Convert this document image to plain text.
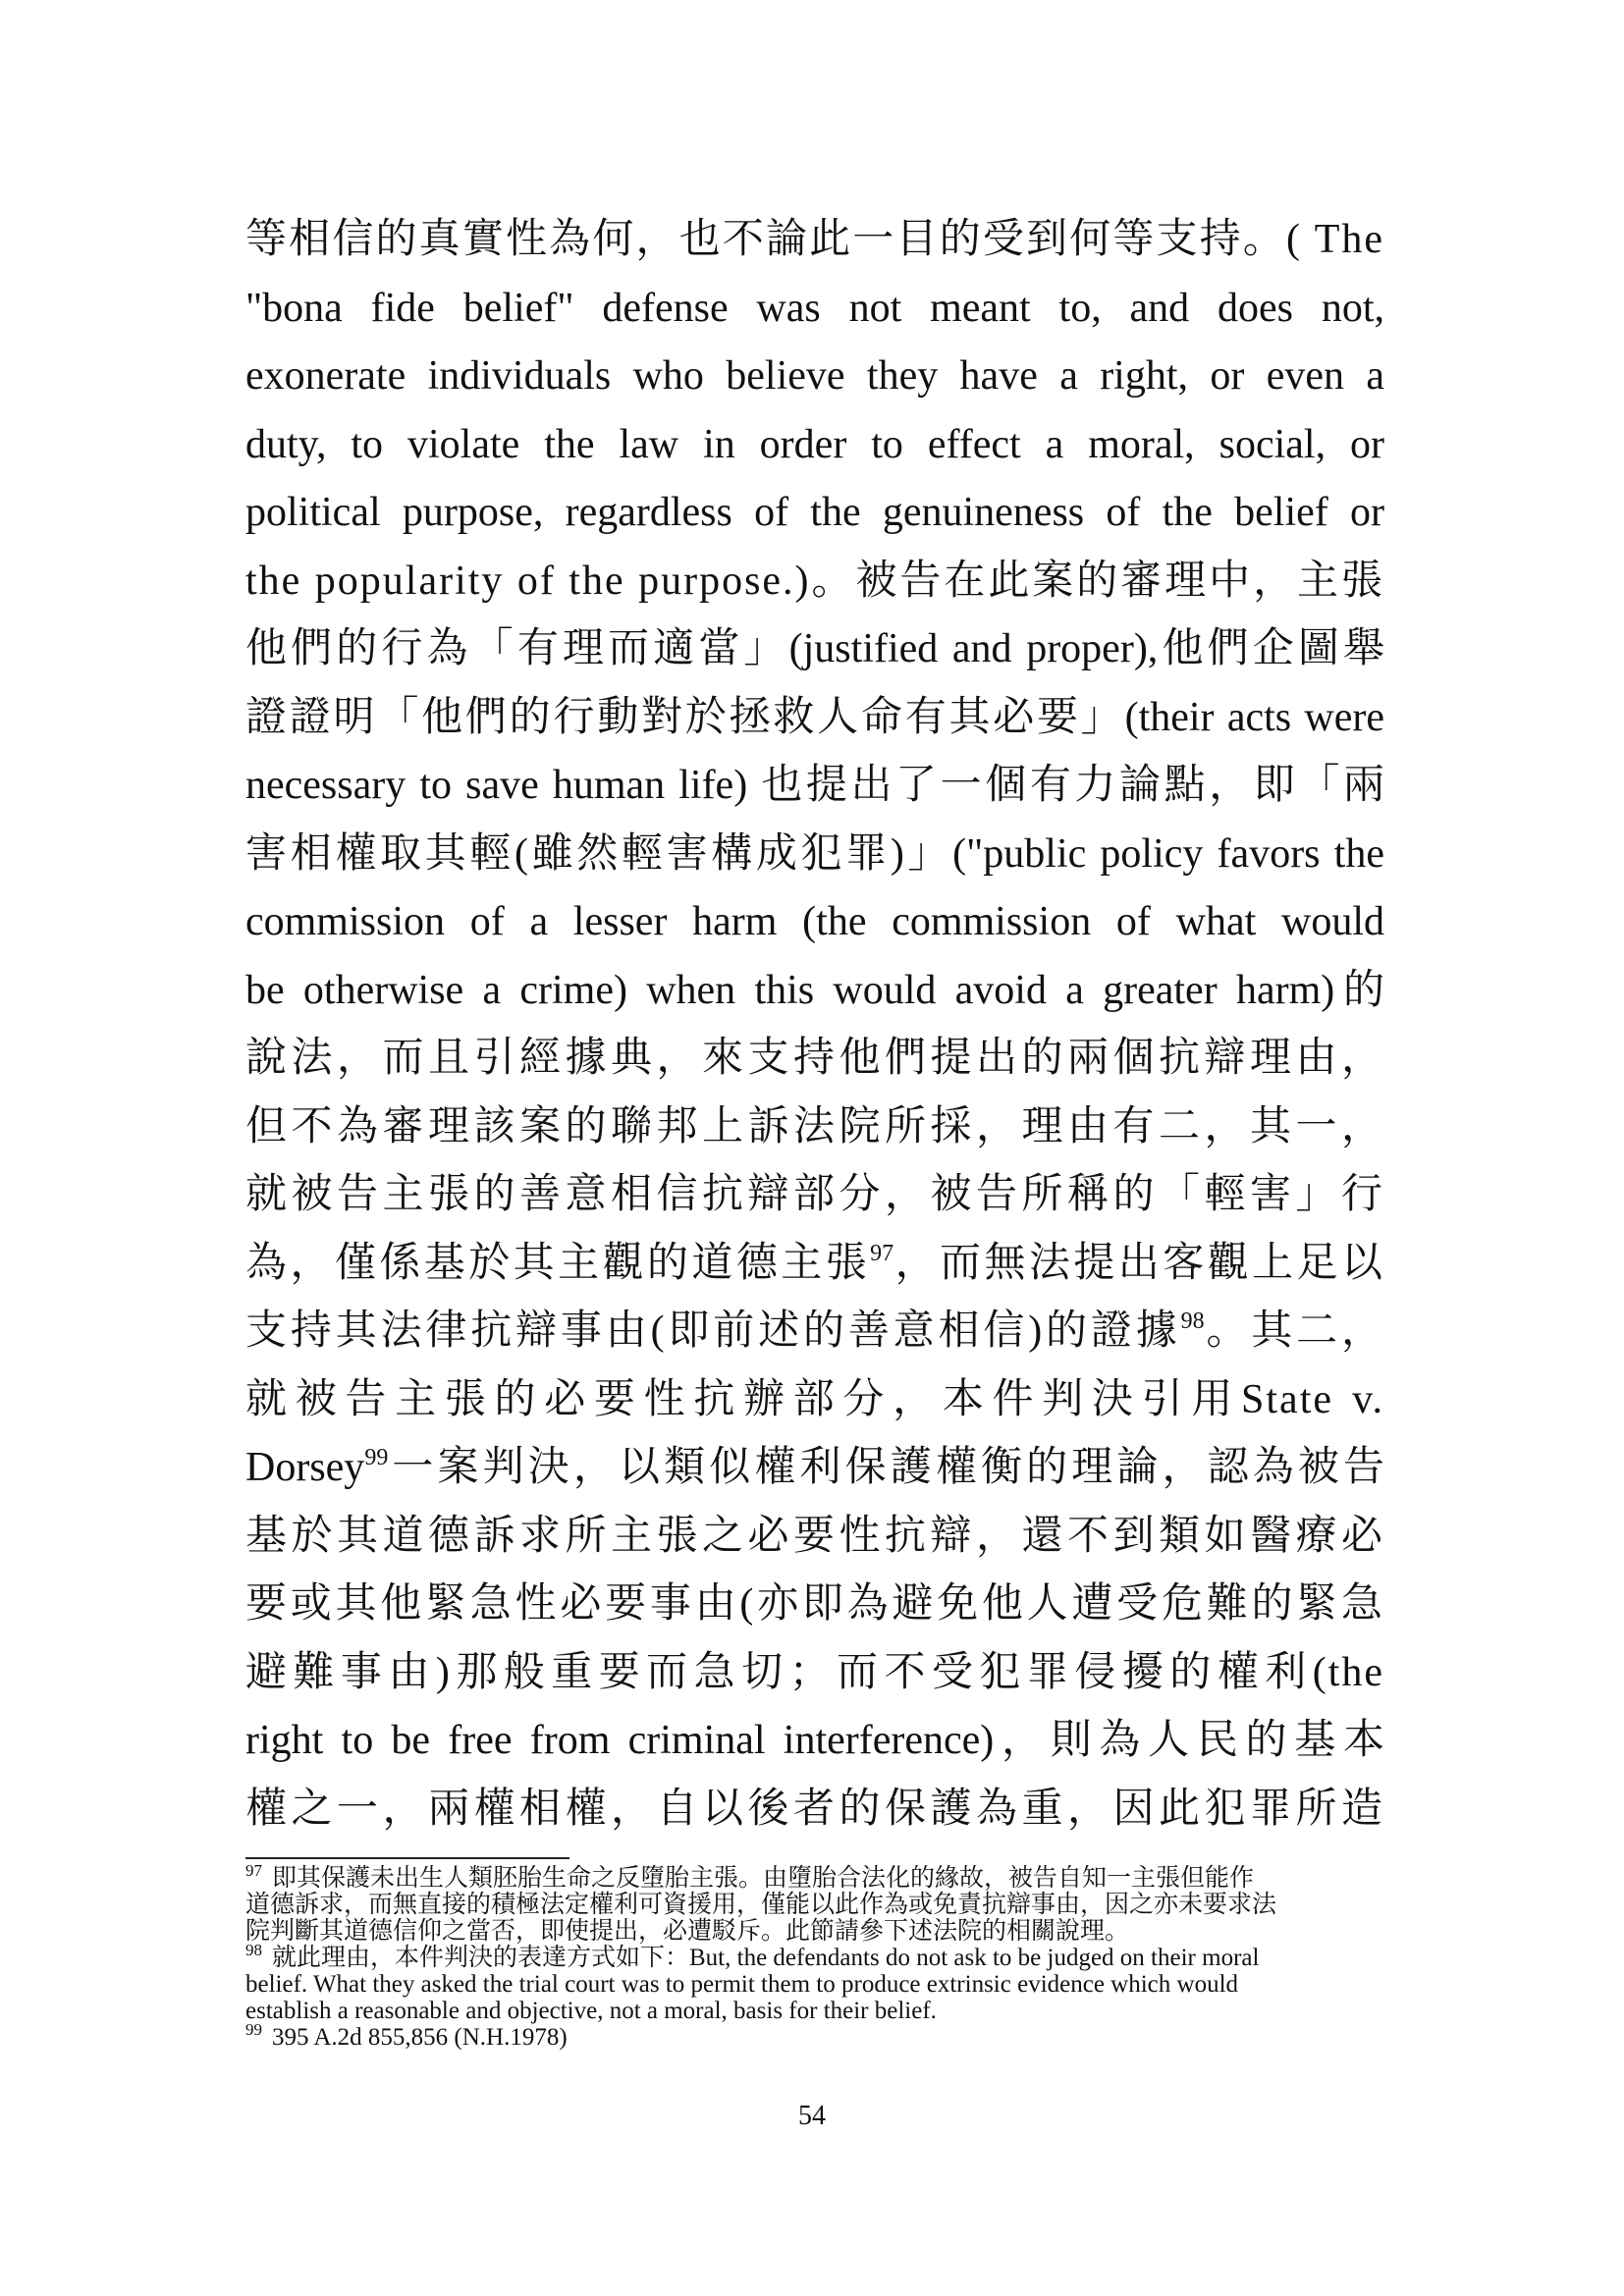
等相信的真實性為何，也不論此一目的受到何等支持。( The
"bona fide belief" defense was not meant to, and does not,
exonerate individuals who believe they have a right, or even a
duty, to violate the law in order to effect a moral, social, or
political purpose, regardless of the genuineness of the belief or
the popularity of the purpose.)。被告在此案的審理中，主張
他們的行為「有理而適當」(justified and proper),他們企圖舉
證證明「他們的行動對於拯救人命有其必要」(their acts were
necessary to save human life) 也提出了一個有力論點，即「兩
害相權取其輕(雖然輕害構成犯罪)」("public policy favors the
commission of a lesser harm (the commission of what would
be otherwise a crime) when this would avoid a greater harm)的
說法，而且引經據典，來支持他們提出的兩個抗辯理由，
但不為審理該案的聯邦上訴法院所採，理由有二，其一，
就被告主張的善意相信抗辯部分，被告所稱的「輕害」行
為，僅係基於其主觀的道德主張$^{97}$，而無法提出客觀上足以
支持其法律抗辯事由(即前述的善意相信)的證據$^{98}$。其二，
就被告主張的必要性抗辦部分，本件判決引用State v.
Dorsey$^{99}$一案判決，以類似權利保護權衡的理論，認為被告
基於其道德訴求所主張之必要性抗辯，還不到類如醫療必
要或其他緊急性必要事由(亦即為避免他人遭受危難的緊急
避難事由)那般重要而急切；而不受犯罪侵擾的權利(the
right to be free from criminal interference)，則為人民的基本
權之一，兩權相權，自以後者的保護為重，因此犯罪所造
$^{97}$ 即其保護未出生人類胚胎生命之反墮胎主張。由墮胎合法化的緣故，被告自知一主張但能作
道德訴求，而無直接的積極法定權利可資援用，僅能以此作為或免責抗辯事由，因之亦未要求法
院判斷其道德信仰之當否，即使提出，必遭駁斥。此節請參下述法院的相關說理。
$^{98}$ 就此理由，本件判決的表達方式如下：But, the defendants do not ask to be judged on their moral
belief. What they asked the trial court was to permit them to produce extrinsic evidence which would
establish a reasonable and objective, not a moral, basis for their belief.
$^{99}$ 395 A.2d 855,856 (N.H.1978)
54
